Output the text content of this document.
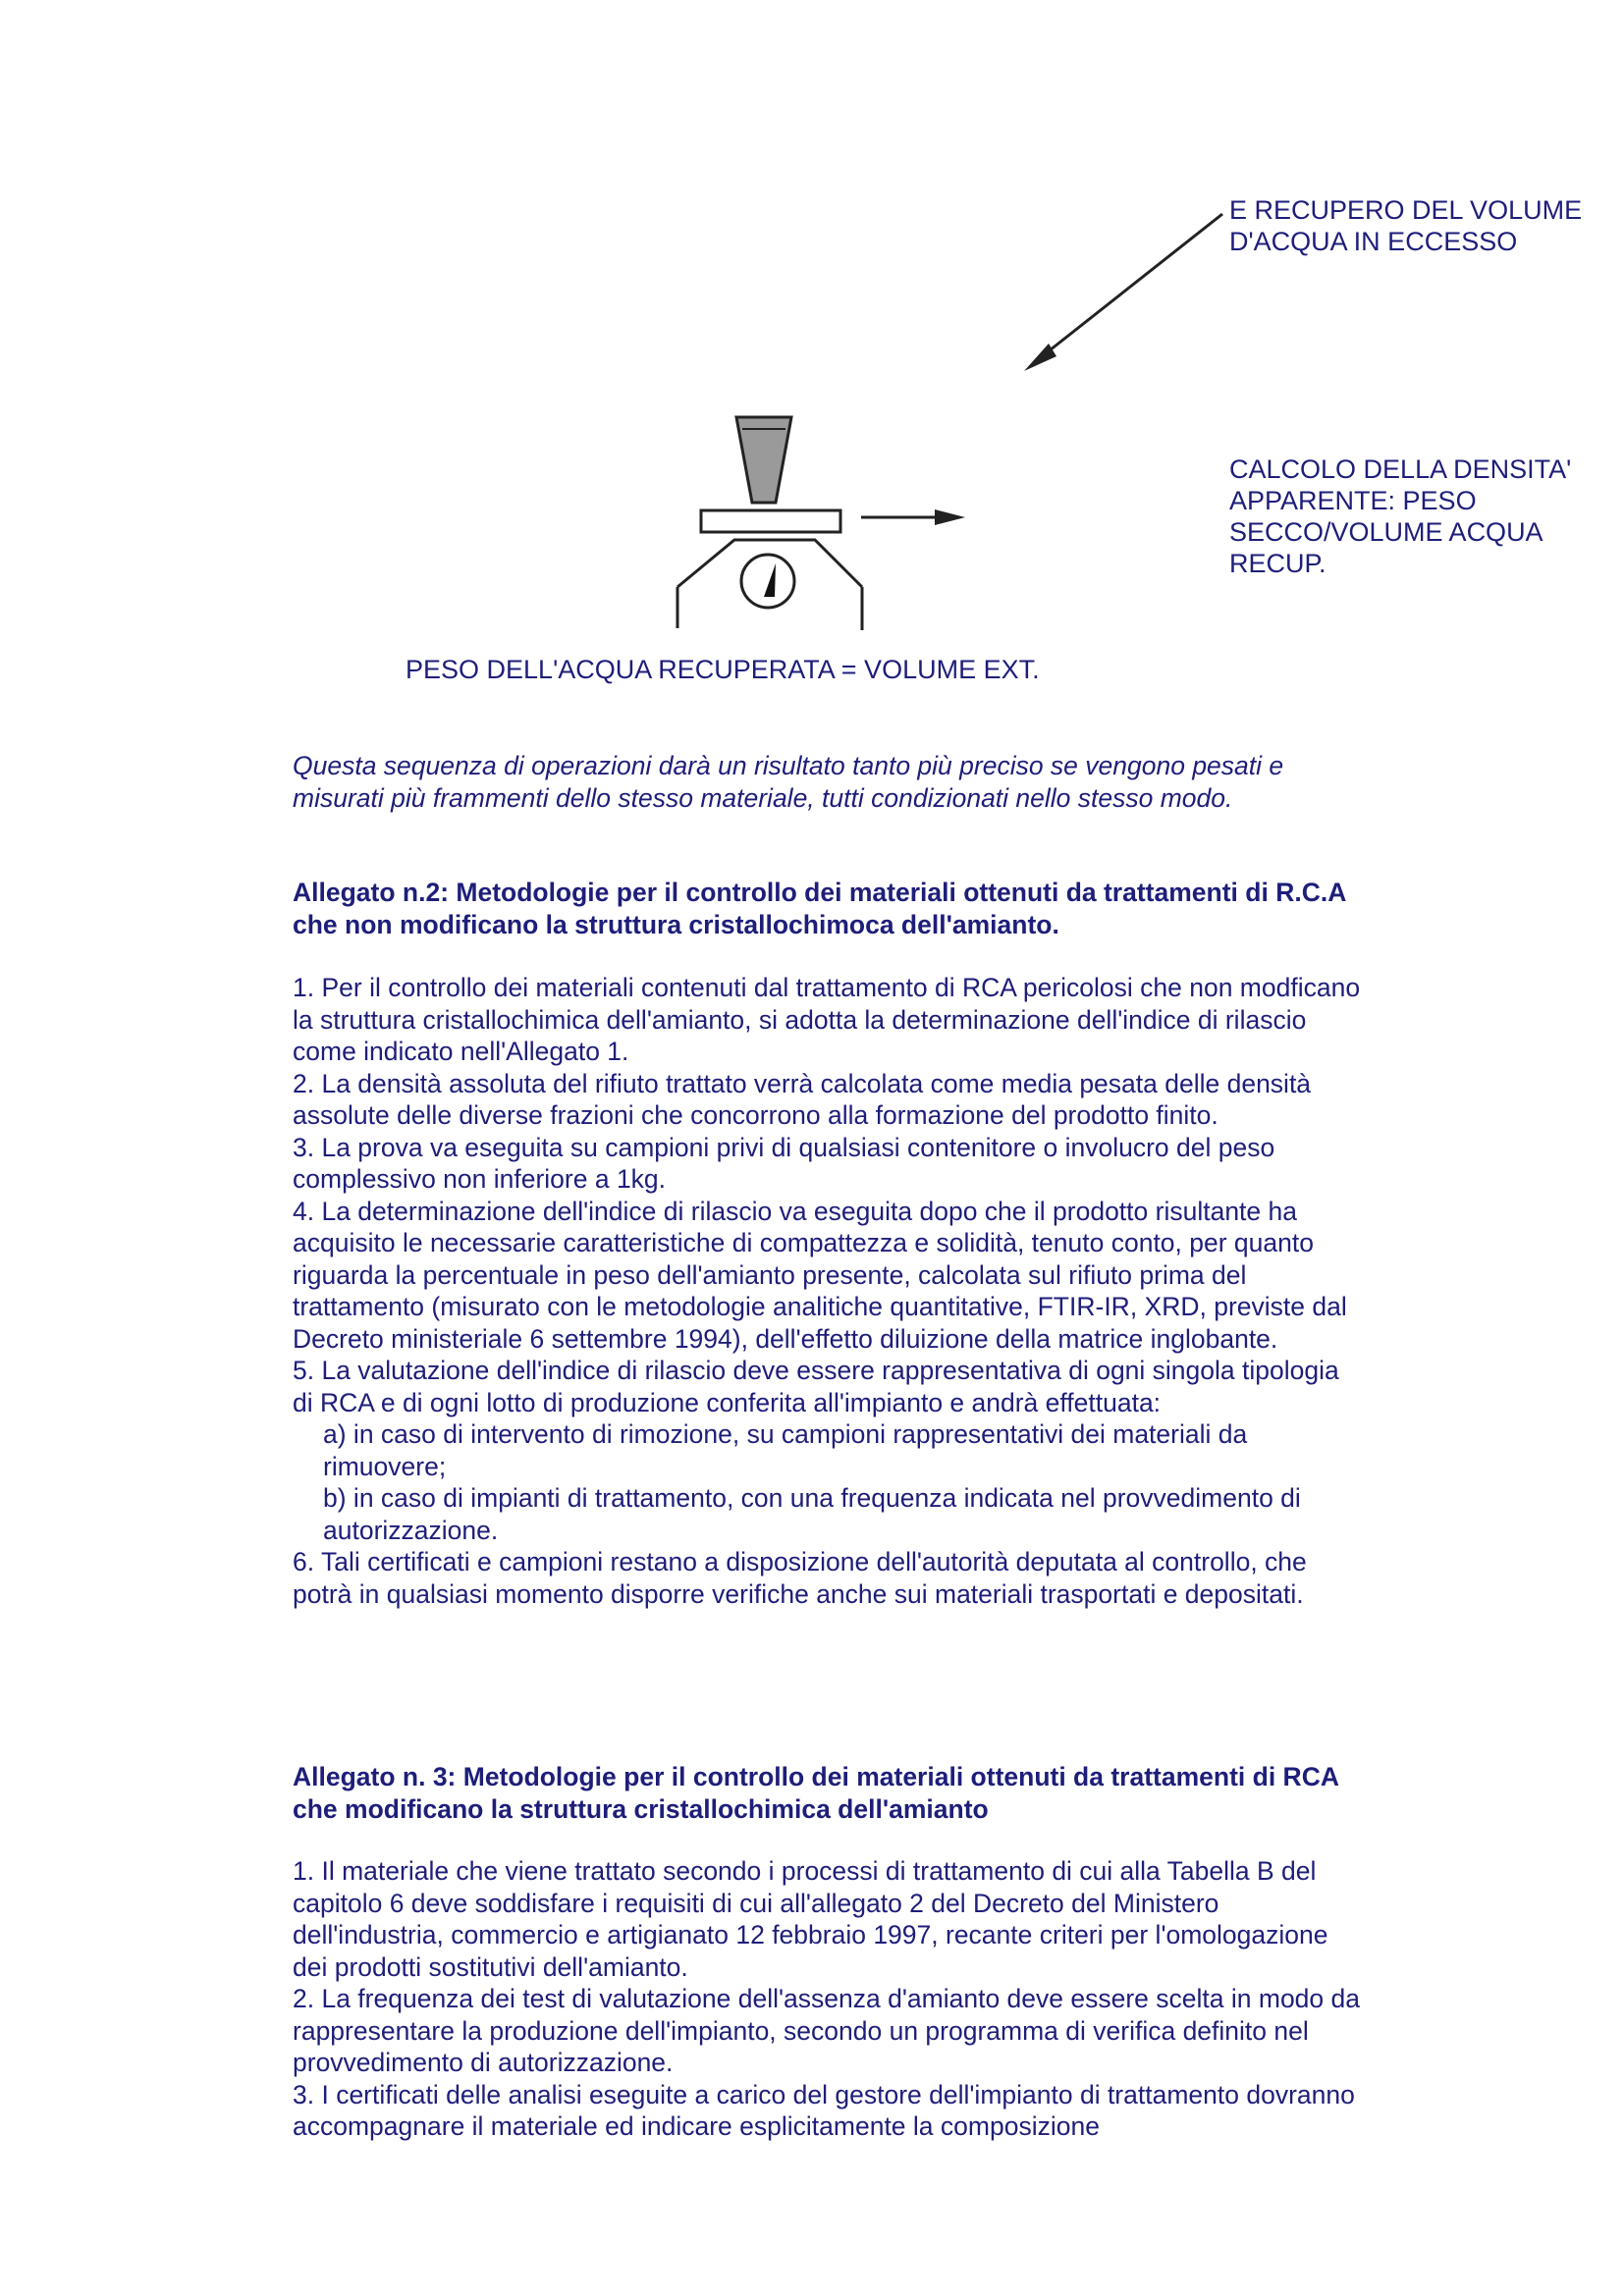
E RECUPERO DEL VOLUME
D'ACQUA IN ECCESSO
CALCOLO DELLA DENSITA'
APPARENTE: PESO
SECCO/VOLUME ACQUA
RECUP.
PESO DELL'ACQUA RECUPERATA = VOLUME EXT.
Questa sequenza di operazioni darà un risultato tanto più preciso se vengono pesati e misurati più frammenti dello stesso materiale, tutti condizionati nello stesso modo.
Allegato n.2: Metodologie per il controllo dei materiali ottenuti da trattamenti di R.C.A che non modificano la struttura cristallochimoca dell'amianto.

1. Per il controllo dei materiali contenuti dal trattamento di RCA pericolosi che non modficano la struttura cristallochimica dell'amianto, si adotta la determinazione dell'indice di rilascio come indicato nell'Allegato 1.

2. La densità assoluta del rifiuto trattato verrà calcolata come media pesata delle densità assolute delle diverse frazioni che concorrono alla formazione del prodotto finito.

3. La prova va eseguita su campioni privi di qualsiasi contenitore o involucro del peso complessivo non inferiore a 1kg.

4. La determinazione dell'indice di rilascio va eseguita dopo che il prodotto risultante ha acquisito le necessarie caratteristiche di compattezza e solidità, tenuto conto, per quanto riguarda la percentuale in peso dell'amianto presente, calcolata sul rifiuto prima del trattamento (misurato con le metodologie analitiche quantitative, FTIR-IR, XRD, previste dal Decreto ministeriale 6 settembre 1994), dell'effetto diluizione della matrice inglobante.

5. La valutazione dell'indice di rilascio deve essere rappresentativa di ogni singola tipologia di RCA e di ogni lotto di produzione conferita all'impianto e andrà effettuata:

a) in caso di intervento di rimozione, su campioni rappresentativi dei materiali da rimuovere;

b) in caso di impianti di trattamento, con una frequenza indicata nel provvedimento di autorizzazione.

6. Tali certificati e campioni restano a disposizione dell'autorità deputata al controllo, che potrà in qualsiasi momento disporre verifiche anche sui materiali trasportati e depositati.

Allegato n. 3: Metodologie per il controllo dei materiali ottenuti da trattamenti di RCA che modificano la struttura cristallochimica dell'amianto

1. Il materiale che viene trattato secondo i processi di trattamento di cui alla Tabella B del capitolo 6 deve soddisfare i requisiti di cui all'allegato 2 del Decreto del Ministero dell'industria, commercio e artigianato 12 febbraio 1997, recante criteri per l'omologazione dei prodotti sostitutivi dell'amianto.

2. La frequenza dei test di valutazione dell'assenza d'amianto deve essere scelta in modo da rappresentare la produzione dell'impianto, secondo un programma di verifica definito nel provvedimento di autorizzazione.

3. I certificati delle analisi eseguite a carico del gestore dell'impianto di trattamento dovranno accompagnare il materiale ed indicare esplicitamente la composizione
